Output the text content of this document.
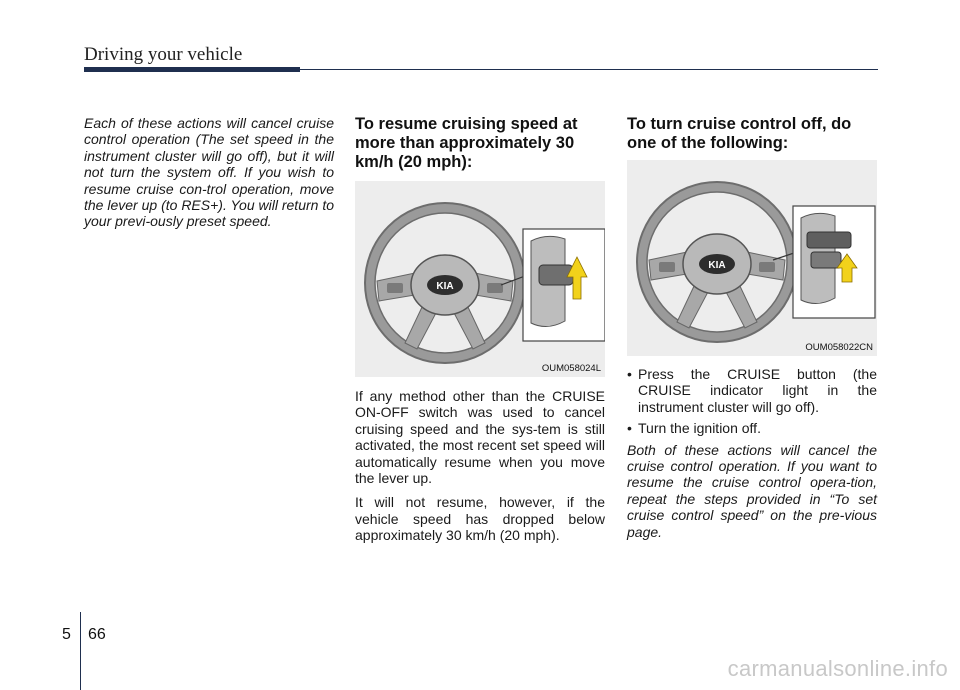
Driving your vehicle

Each of these actions will cancel cruise control operation (The set speed in the instrument cluster will go off), but it will not turn the system off. If you wish to resume cruise con-trol operation, move the lever up (to RES+). You will return to your previ-ously preset speed.

To resume cruising speed at more than approximately 30 km/h (20 mph):

KIA
OUM058024L

If any method other than the CRUISE ON-OFF switch was used to cancel cruising speed and the sys-tem is still activated, the most recent set speed will automatically resume when you move the lever up.

It will not resume, however, if the vehicle speed has dropped below approximately 30 km/h (20 mph).

To turn cruise control off, do one of the following:

KIA
OUM058022CN
• Press the CRUISE button (the CRUISE indicator light in the instrument cluster will go off).
• Turn the ignition off.

Both of these actions will cancel the cruise control operation. If you want to resume the cruise control opera-tion, repeat the steps provided in “To set cruise control speed” on the pre-vious page.

5 66
carmanualsonline.info
